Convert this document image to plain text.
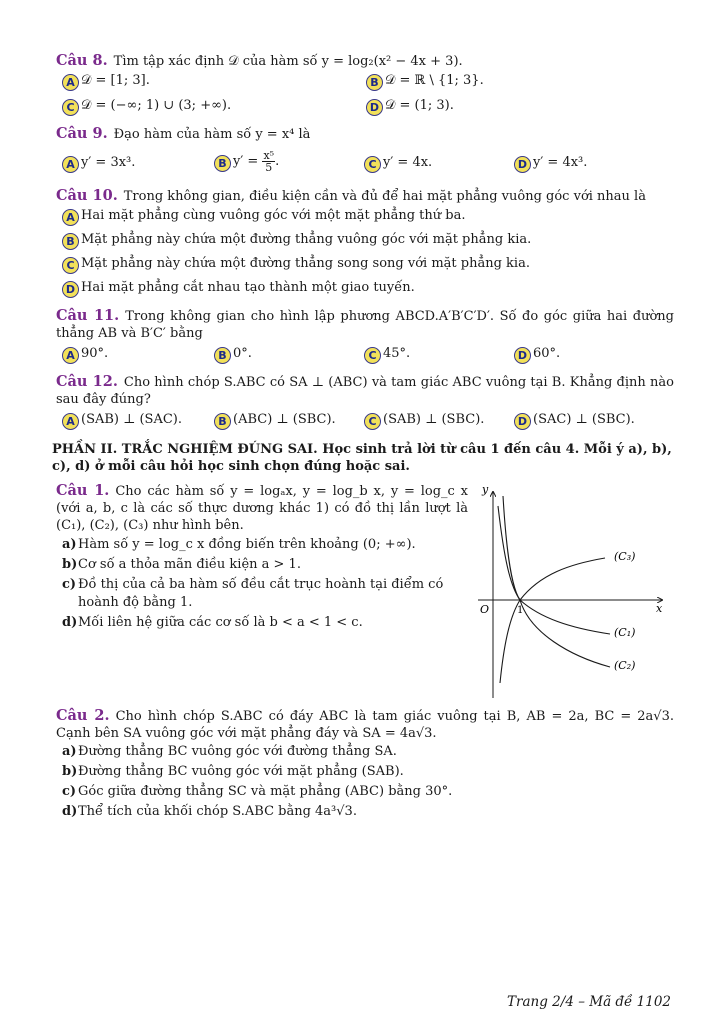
Câu 8. Tìm tập xác định 𝒟 của hàm số y = log₂(x² − 4x + 3).
A 𝒟 = [1; 3].	B 𝒟 = ℝ \ {1; 3}.
C 𝒟 = (−∞; 1) ∪ (3; +∞).	D 𝒟 = (1; 3).
Câu 9. Đạo hàm của hàm số y = x⁴ là
A y′ = 3x³.	B $y' = \frac{\text{x⁵}}{5}$ .	C y′ = 4x.	D y′ = 4x³.
Câu 10. Trong không gian, điều kiện cần và đủ để hai mặt phẳng vuông góc với nhau là
A Hai mặt phẳng cùng vuông góc với một mặt phẳng thứ ba.
B Mặt phẳng này chứa một đường thẳng vuông góc với mặt phẳng kia.
C Mặt phẳng này chứa một đường thẳng song song với mặt phẳng kia.
D Hai mặt phẳng cắt nhau tạo thành một giao tuyến.
Câu 11. Trong không gian cho hình lập phương ABCD.A′B′C′D′. Số đo góc giữa hai đường thẳng AB và B′C′ bằng
A 90°.	B 0°.	C 45°.	D 60°.
Câu 12. Cho hình chóp S.ABC có SA ⊥ (ABC) và tam giác ABC vuông tại B. Khẳng định nào sau đây đúng?
A (SAB) ⊥ (SAC).	B (ABC) ⊥ (SBC).	C (SAB) ⊥ (SBC).	D (SAC) ⊥ (SBC).
PHẦN II. TRẮC NGHIỆM ĐÚNG SAI. Học sinh trả lời từ câu 1 đến câu 4. Mỗi ý a), b), c), d) ở mỗi câu hỏi học sinh chọn đúng hoặc sai.
Câu 1. Cho các hàm số y = logₐx, y = log_b x, y = log_c x (với a, b, c là các số thực dương khác 1) có đồ thị lần lượt là (C₁), (C₂), (C₃) như hình bên.
a)Hàm số y = log_c x đồng biến trên khoảng (0; +∞).
b)Cơ số a thỏa mãn điều kiện a > 1.
c) Đồ thị của cả ba hàm số đều cắt trục hoành tại điểm có
hoành độ bằng 1.
d)Mối liên hệ giữa các cơ số là b < a < 1 < c.
y
x
O	1
(C₃)
(C₁)
(C₂)
Câu 2. Cho hình chóp S.ABC có đáy ABC là tam giác vuông tại B, AB = 2a, BC = 2a√3. Cạnh bên SA vuông góc với mặt phẳng đáy và SA = 4a√3.
a)Đường thẳng BC vuông góc với đường thẳng SA.
b)Đường thẳng BC vuông góc với mặt phẳng (SAB).
c) Góc giữa đường thẳng SC và mặt phẳng (ABC) bằng 30°.
d)Thể tích của khối chóp S.ABC bằng 4a³√3.
Trang 2/4 – Mã đề 1102
